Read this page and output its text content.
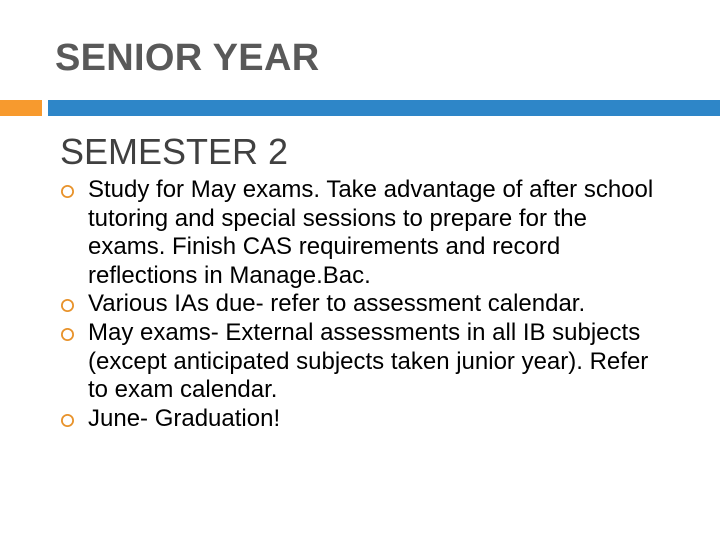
SENIOR YEAR
SEMESTER 2
Study for May exams. Take advantage of after school tutoring and special sessions to prepare for the exams. Finish CAS requirements and record reflections in Manage.Bac.
Various IAs due- refer to assessment calendar.
May exams- External assessments in all IB subjects (except anticipated subjects taken junior year). Refer to exam calendar.
June- Graduation!
